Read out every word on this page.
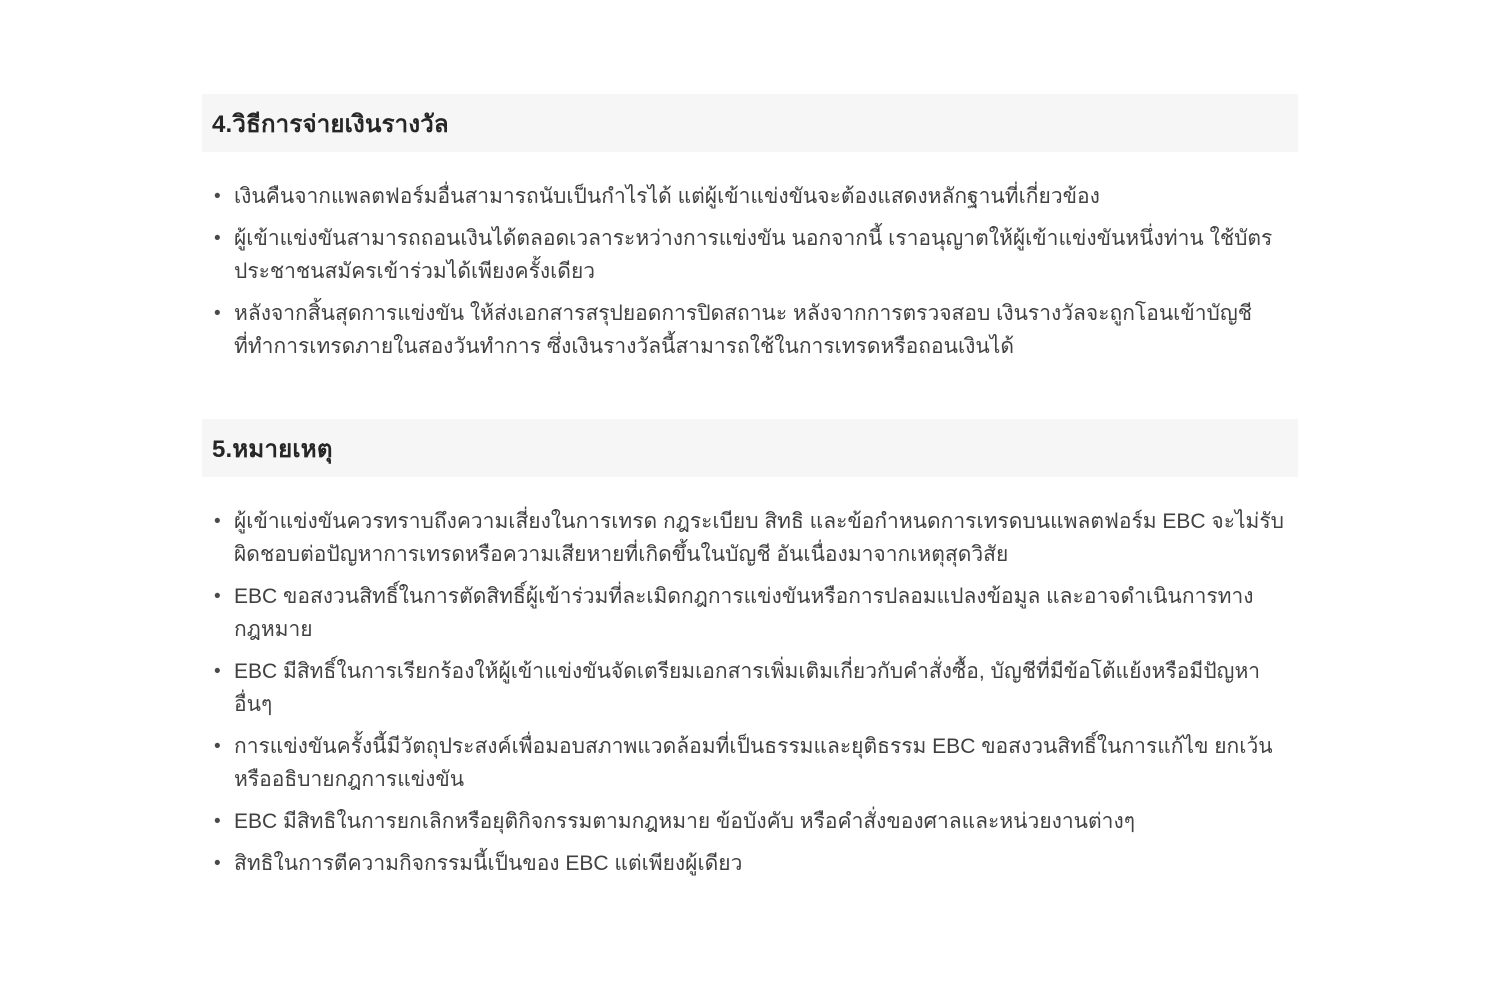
4.วิธีการจ่ายเงินรางวัล
• เงินคืนจากแพลตฟอร์มอื่นสามารถนับเป็นกำไรได้ แต่ผู้เข้าแข่งขันจะต้องแสดงหลักฐานที่เกี่ยวข้อง
• ผู้เข้าแข่งขันสามารถถอนเงินได้ตลอดเวลาระหว่างการแข่งขัน นอกจากนี้ เราอนุญาตให้ผู้เข้าแข่งขันหนึ่งท่าน ใช้บัตรประชาชนสมัครเข้าร่วมได้เพียงครั้งเดียว
• หลังจากสิ้นสุดการแข่งขัน ให้ส่งเอกสารสรุปยอดการปิดสถานะ หลังจากการตรวจสอบ เงินรางวัลจะถูกโอนเข้าบัญชีที่ทำการเทรดภายในสองวันทำการ ซึ่งเงินรางวัลนี้สามารถใช้ในการเทรดหรือถอนเงินได้
5.หมายเหตุ
• ผู้เข้าแข่งขันควรทราบถึงความเสี่ยงในการเทรด กฎระเบียบ สิทธิ และข้อกำหนดการเทรดบนแพลตฟอร์ม EBC จะไม่รับผิดชอบต่อปัญหาการเทรดหรือความเสียหายที่เกิดขึ้นในบัญชี อันเนื่องมาจากเหตุสุดวิสัย
• EBC ขอสงวนสิทธิ์ในการตัดสิทธิ์ผู้เข้าร่วมที่ละเมิดกฎการแข่งขันหรือการปลอมแปลงข้อมูล และอาจดำเนินการทางกฎหมาย
• EBC มีสิทธิ์ในการเรียกร้องให้ผู้เข้าแข่งขันจัดเตรียมเอกสารเพิ่มเติมเกี่ยวกับคำสั่งซื้อ, บัญชีที่มีข้อโต้แย้งหรือมีปัญหาอื่นๆ
• การแข่งขันครั้งนี้มีวัตถุประสงค์เพื่อมอบสภาพแวดล้อมที่เป็นธรรมและยุติธรรม EBC ขอสงวนสิทธิ์ในการแก้ไข ยกเว้นหรืออธิบายกฎการแข่งขัน
• EBC มีสิทธิในการยกเลิกหรือยุติกิจกรรมตามกฎหมาย ข้อบังคับ หรือคำสั่งของศาลและหน่วยงานต่างๆ
• สิทธิในการตีความกิจกรรมนี้เป็นของ EBC แต่เพียงผู้เดียว
